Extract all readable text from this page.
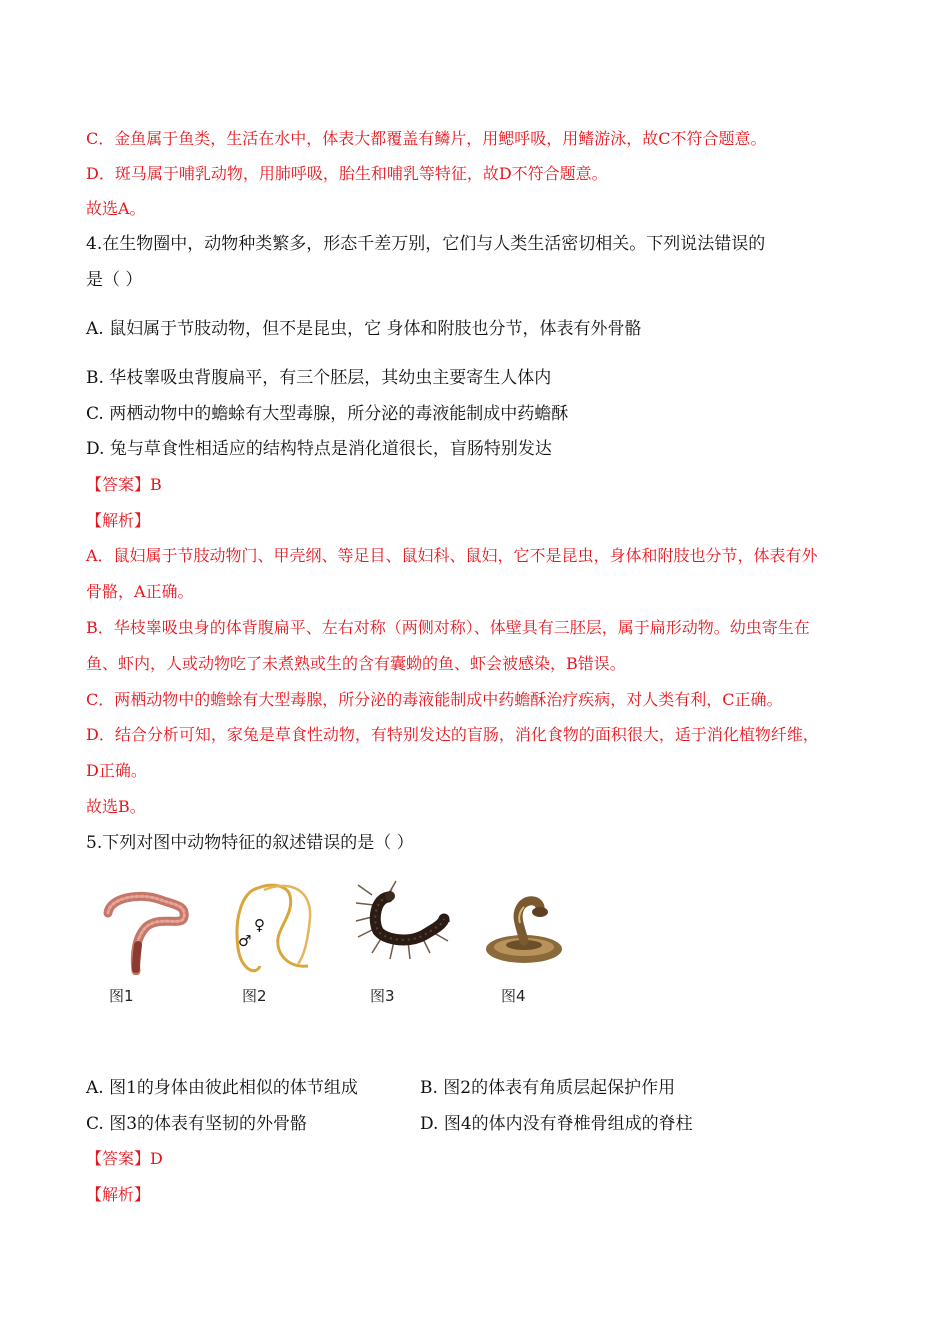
C．金鱼属于鱼类，生活在水中，体表大都覆盖有鳞片，用鳃呼吸，用鳍游泳，故C不符合题意。
D．斑马属于哺乳动物，用肺呼吸，胎生和哺乳等特征，故D不符合题意。
故选A。
4.在生物圈中，动物种类繁多，形态千差万别，它们与人类生活密切相关。下列说法错误的
是（ ）
A. 鼠妇属于节肢动物，但不是昆虫，它 身体和附肢也分节，体表有外骨骼
B. 华枝睾吸虫背腹扁平，有三个胚层，其幼虫主要寄生人体内
C. 两栖动物中的蟾蜍有大型毒腺，所分泌的毒液能制成中药蟾酥
D. 兔与草食性相适应的结构特点是消化道很长，盲肠特别发达
【答案】B
【解析】
A．鼠妇属于节肢动物门、甲壳纲、等足目、鼠妇科、鼠妇，它不是昆虫，身体和附肢也分节，体表有外
骨骼，A正确。
B．华枝睾吸虫身的体背腹扁平、左右对称（两侧对称）、体壁具有三胚层，属于扁形动物。幼虫寄生在
鱼、虾内，人或动物吃了未煮熟或生的含有囊蚴的鱼、虾会被感染，B错误。
C．两栖动物中的蟾蜍有大型毒腺，所分泌的毒液能制成中药蟾酥治疗疾病，对人类有利，C正确。
D．结合分析可知，家兔是草食性动物，有特别发达的盲肠，消化食物的面积很大，适于消化植物纤维，
D正确。
故选B。
5.下列对图中动物特征的叙述错误的是（ ）
图1
♀
♂
图2	图3	图4
A. 图1的身体由彼此相似的体节组成	B. 图2的体表有角质层起保护作用
C. 图3的体表有坚韧的外骨骼	D. 图4的体内没有脊椎骨组成的脊柱
【答案】D
【解析】
